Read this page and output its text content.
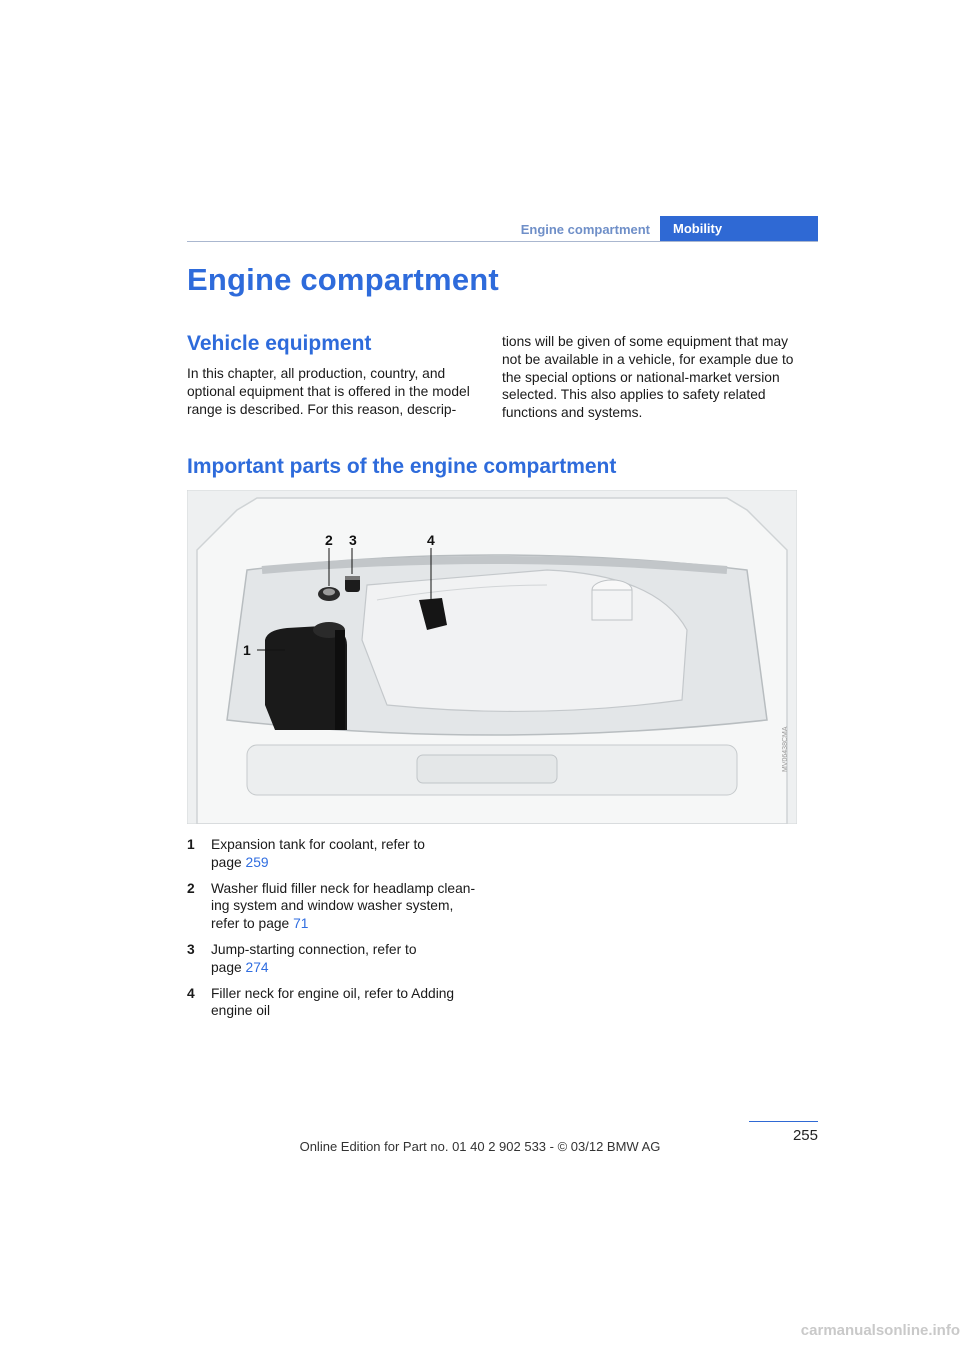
Engine compartment	Mobility
Engine compartment
Vehicle equipment
In this chapter, all production, country, and optional equipment that is offered in the model range is described. For this reason, descrip-
tions will be given of some equipment that may not be available in a vehicle, for example due to the special options or national-market version selected. This also applies to safety related functions and systems.
Important parts of the engine compartment
2 3	4
1
MV06438CMA
1 Expansion tank for coolant, refer to
page 259
2 Washer fluid filler neck for headlamp clean-
ing system and window washer system,
refer to page 71
3 Jump-starting connection, refer to
page 274
4 Filler neck for engine oil, refer to Adding
engine oil
255
Online Edition for Part no. 01 40 2 902 533 - © 03/12 BMW AG
carmanualsonline.info
